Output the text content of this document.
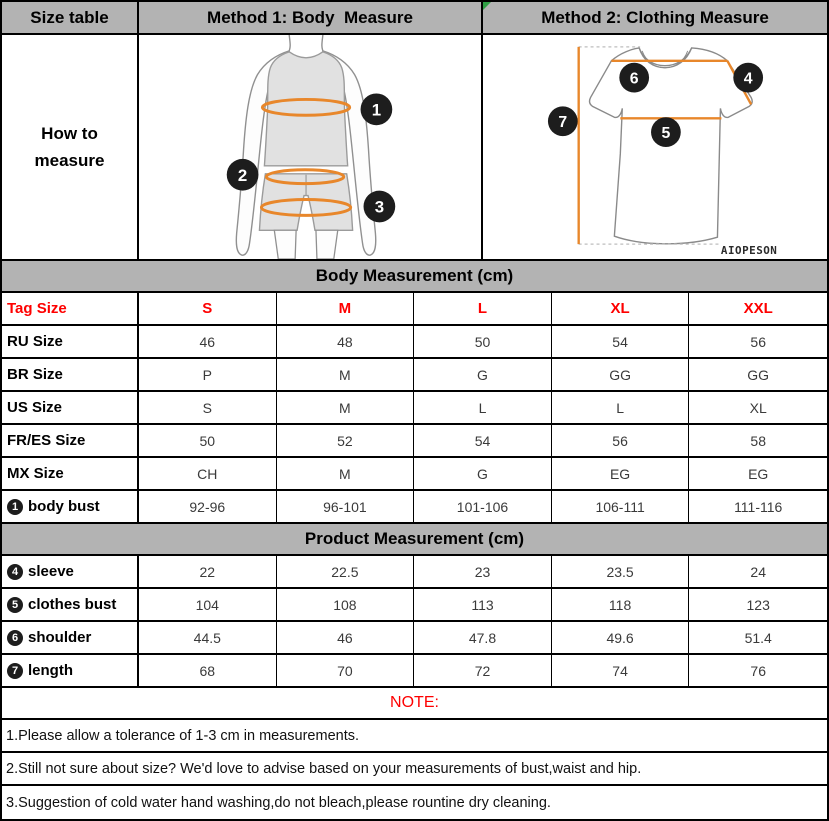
Size table	Method 1: Body  Measure	Method 2: Clothing Measure
How to measure
1
2
3
6	4
7
5
AIOPESON
Body Measurement (cm)
Tag Size	S	M	L	XL	XXL
RU Size	46	48	50	54	56
BR Size	P	M	G	GG	GG
US Size	S	M	L	L	XL
FR/ES Size	50	52	54	56	58
MX Size	CH	M	G	EG	EG
1 body bust	92-96	96-101	101-106	106-111	111-116
Product Measurement (cm)
4 sleeve	22	22.5	23	23.5	24
5 clothes bust	104	108	113	118	123
6 shoulder	44.5	46	47.8	49.6	51.4
7 length	68	70	72	74	76
NOTE:
1.Please allow a tolerance of 1-3 cm in measurements.
2.Still not sure about size? We'd love to advise based on your measurements of bust,waist and hip.
3.Suggestion of cold water hand washing,do not bleach,please rountine dry cleaning.
